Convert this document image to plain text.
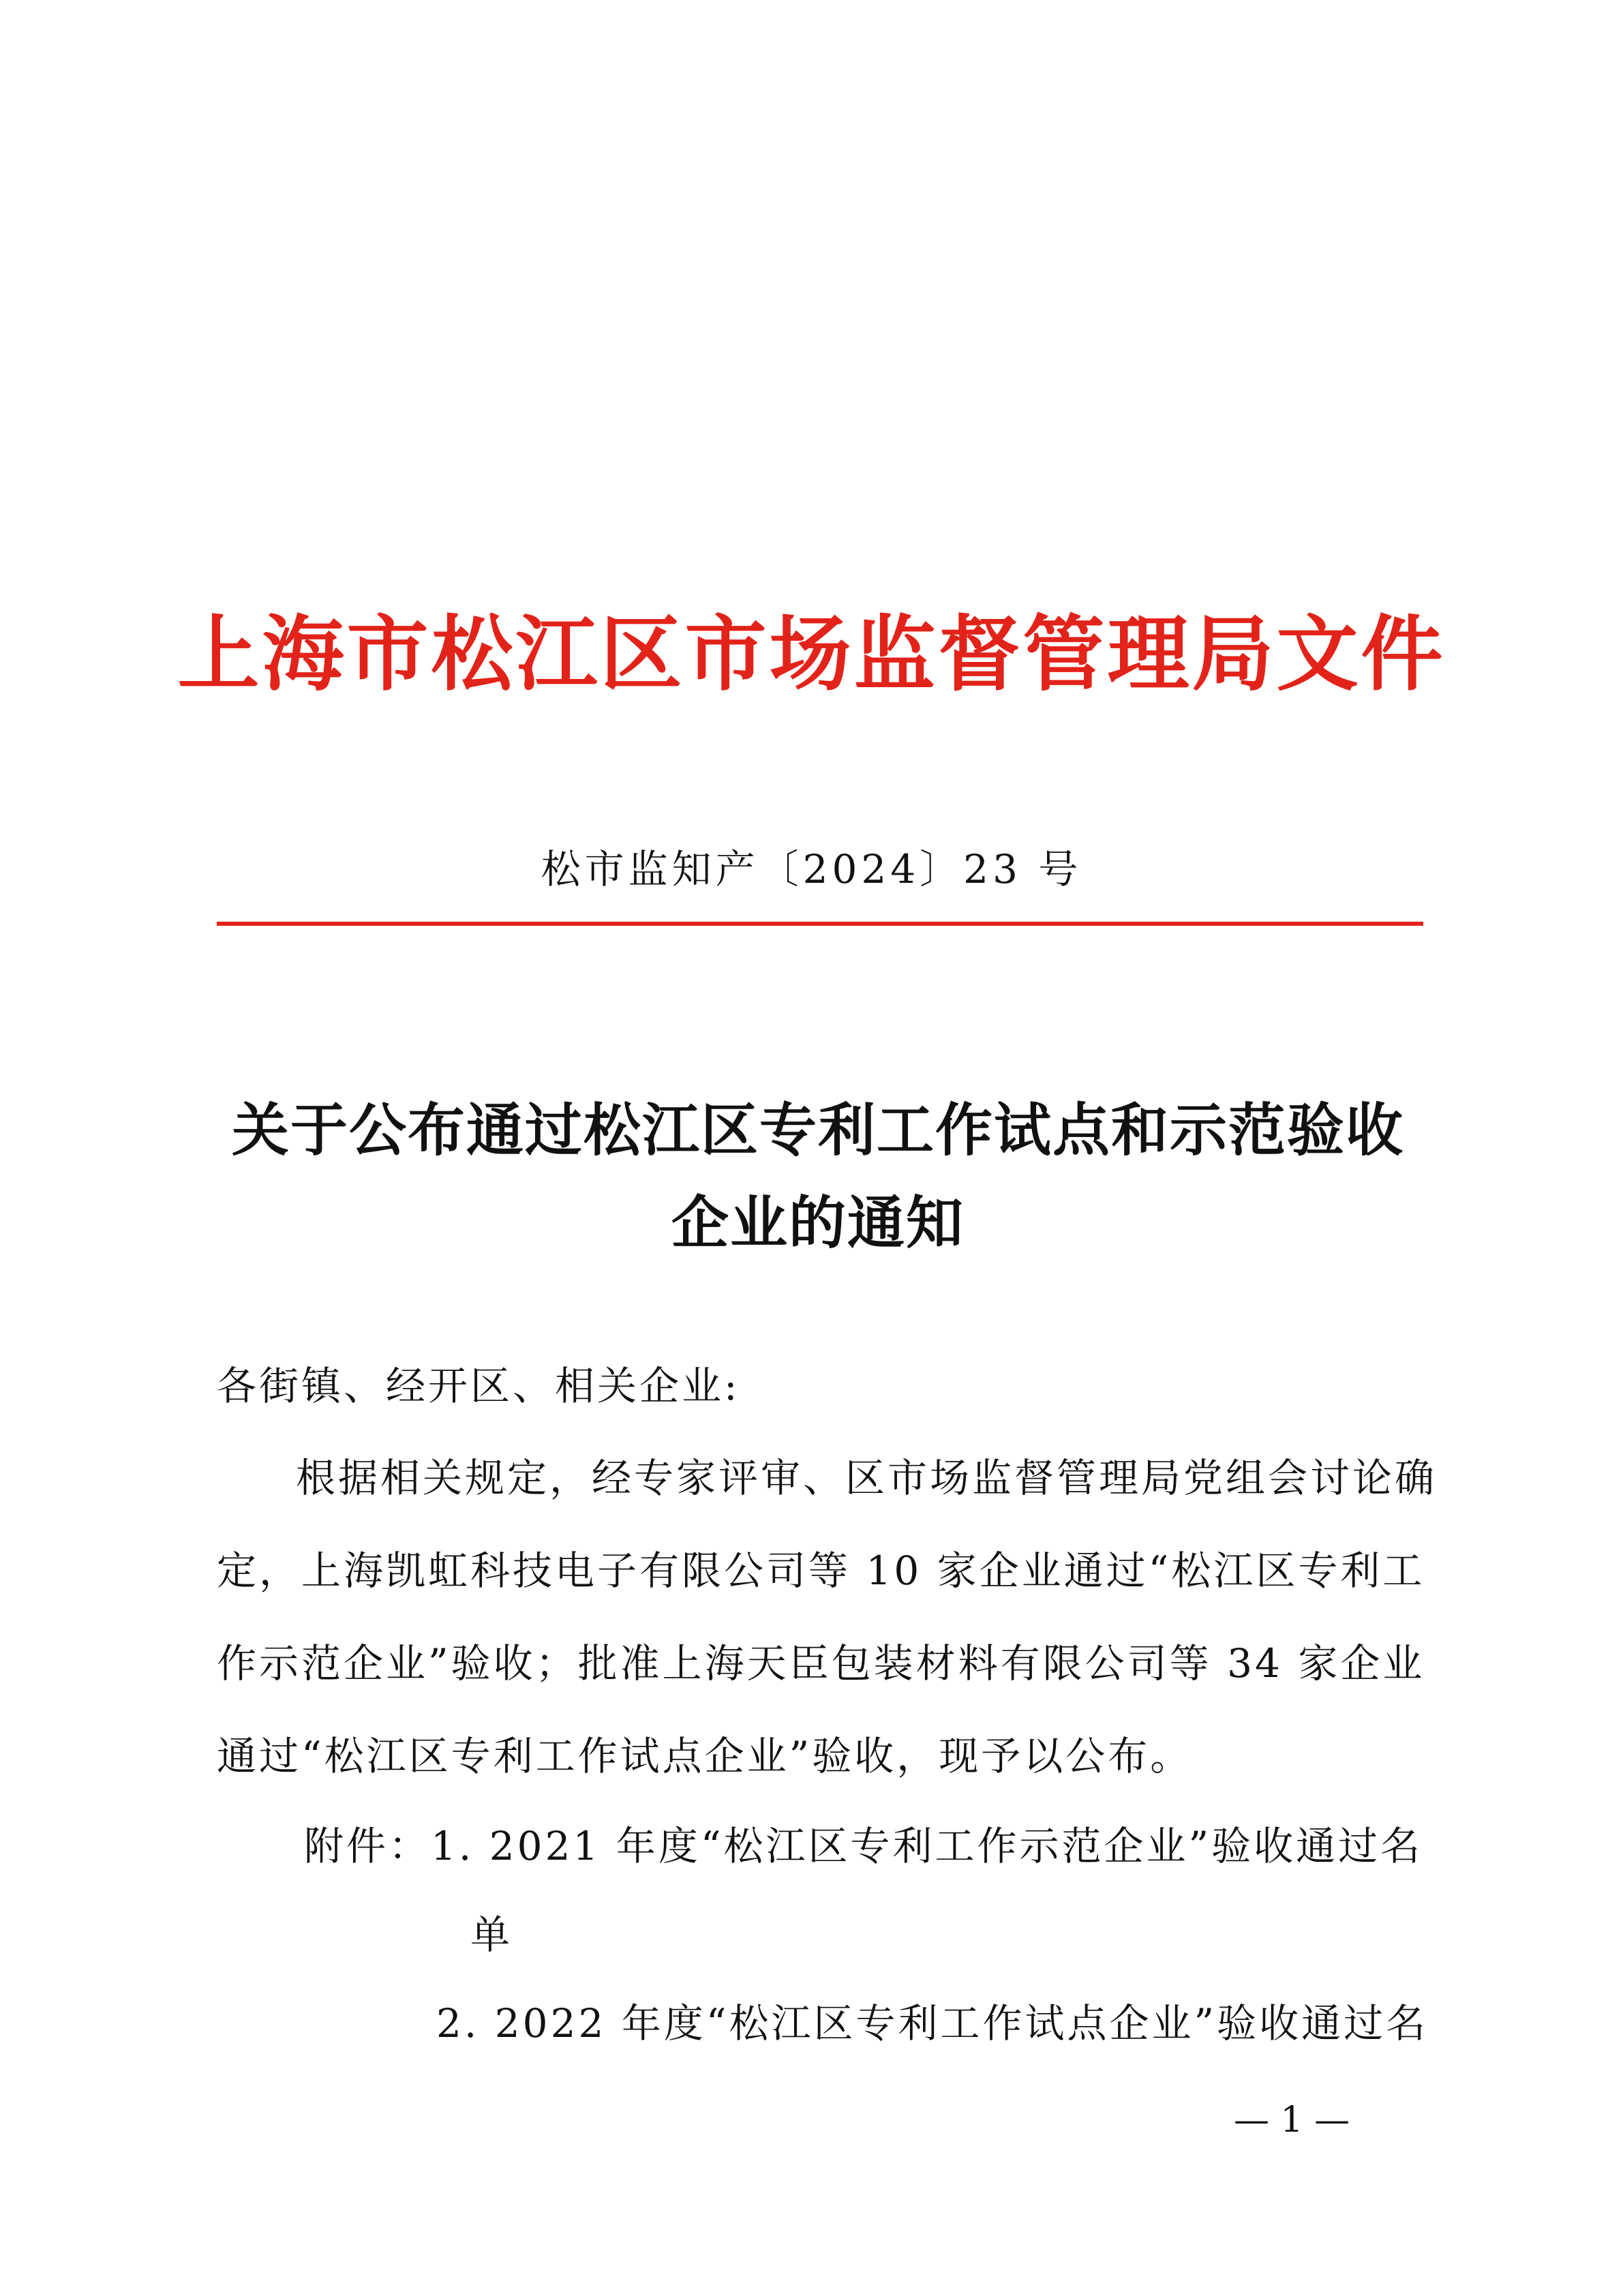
上海市松江区市场监督管理局文件
松市监知产〔2024〕23 号
关于公布通过松江区专利工作试点和示范验收
企业的通知
各街镇、经开区、相关企业:
根据相关规定，经专家评审、区市场监督管理局党组会讨论确
定，上海凯虹科技电子有限公司等 10 家企业通过“松江区专利工
作示范企业”验收；批准上海天臣包装材料有限公司等 34 家企业
通过“松江区专利工作试点企业”验收，现予以公布。
附件：1. 2021 年度“松江区专利工作示范企业”验收通过名
单
2. 2022 年度“松江区专利工作试点企业”验收通过名
— 1 —
